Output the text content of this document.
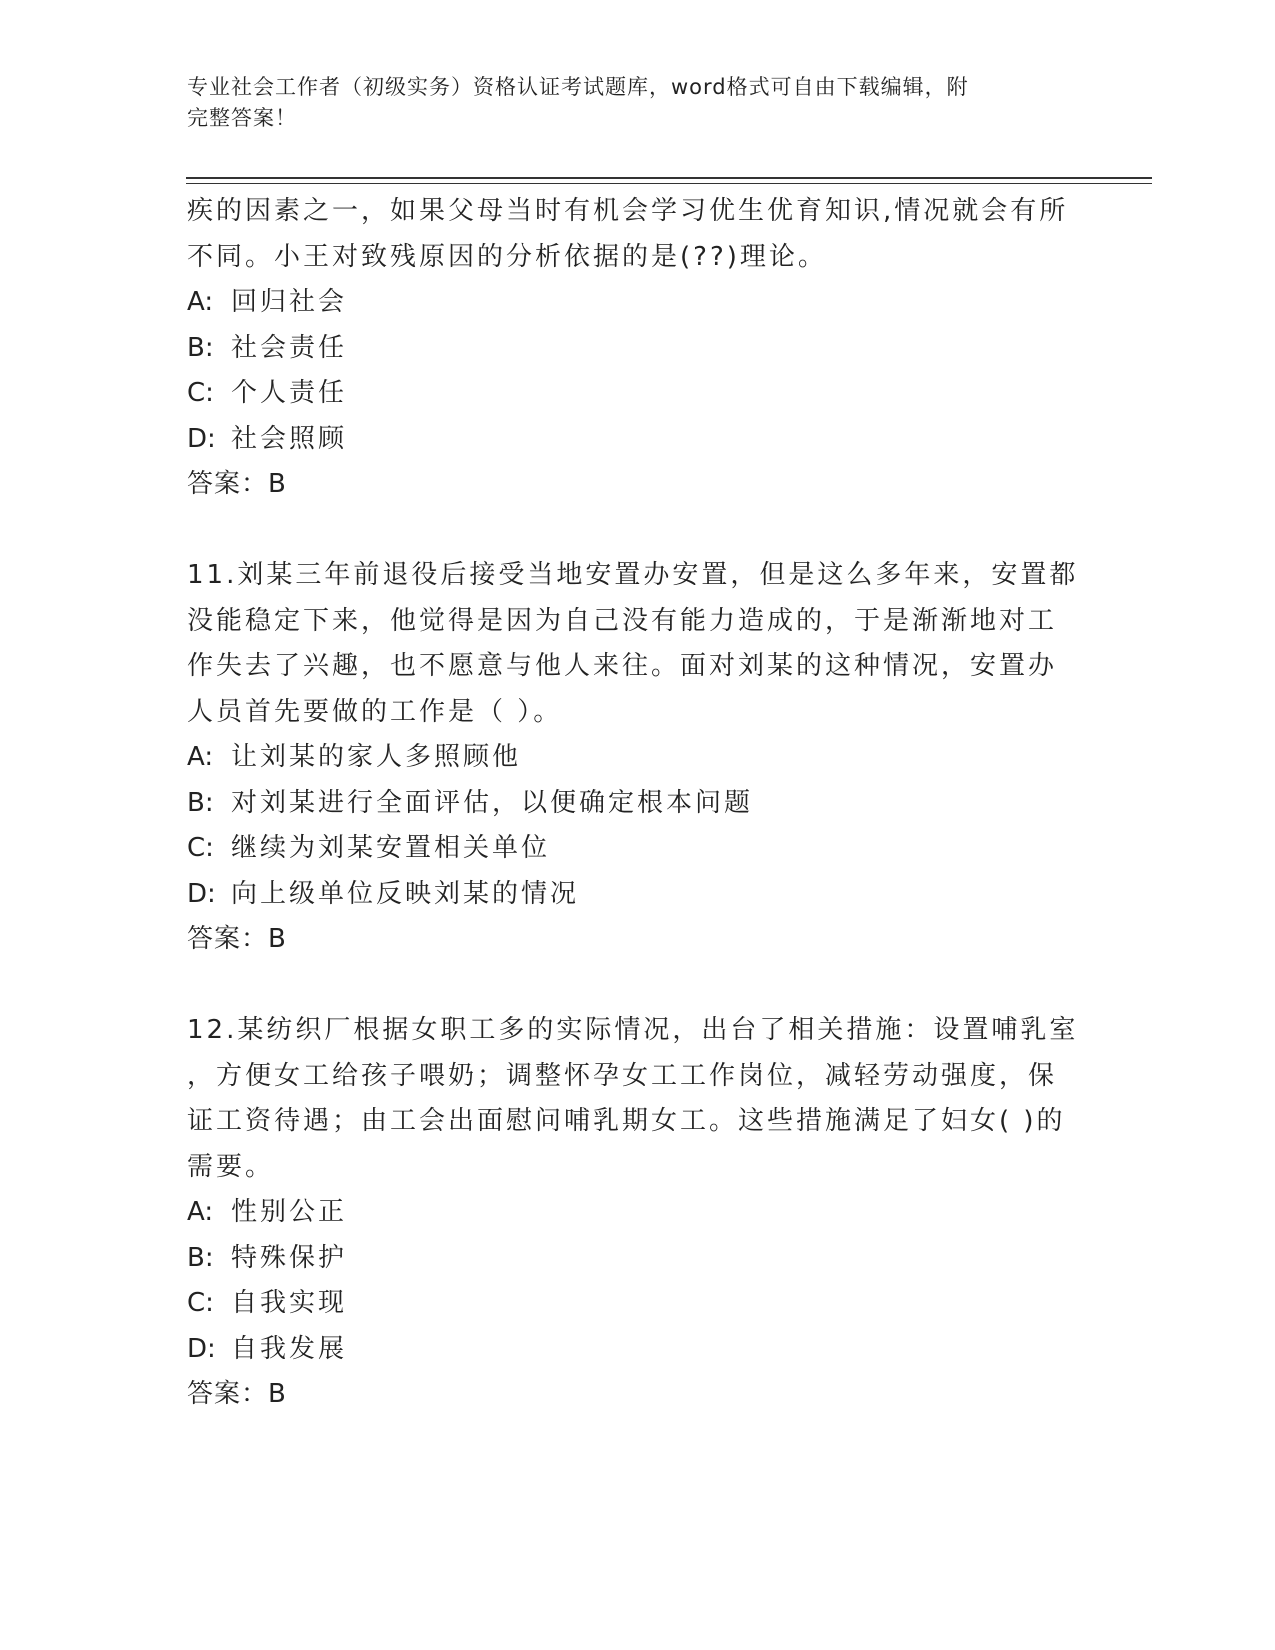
专业社会工作者（初级实务）资格认证考试题库，word格式可自由下载编辑，附
完整答案！
疾的因素之一，如果父母当时有机会学习优生优育知识,情况就会有所
不同。小王对致残原因的分析依据的是(??)理论。
A: 回归社会
B: 社会责任
C: 个人责任
D: 社会照顾
答案：B
11.刘某三年前退役后接受当地安置办安置，但是这么多年来，安置都
没能稳定下来，他觉得是因为自己没有能力造成的，于是渐渐地对工
作失去了兴趣，也不愿意与他人来往。面对刘某的这种情况，安置办
人员首先要做的工作是（ ）。
A: 让刘某的家人多照顾他
B: 对刘某进行全面评估，以便确定根本问题
C: 继续为刘某安置相关单位
D: 向上级单位反映刘某的情况
答案：B
12.某纺织厂根据女职工多的实际情况，出台了相关措施：设置哺乳室
，方便女工给孩子喂奶；调整怀孕女工工作岗位，减轻劳动强度，保
证工资待遇；由工会出面慰问哺乳期女工。这些措施满足了妇女( )的
需要。
A: 性别公正
B: 特殊保护
C: 自我实现
D: 自我发展
答案：B
